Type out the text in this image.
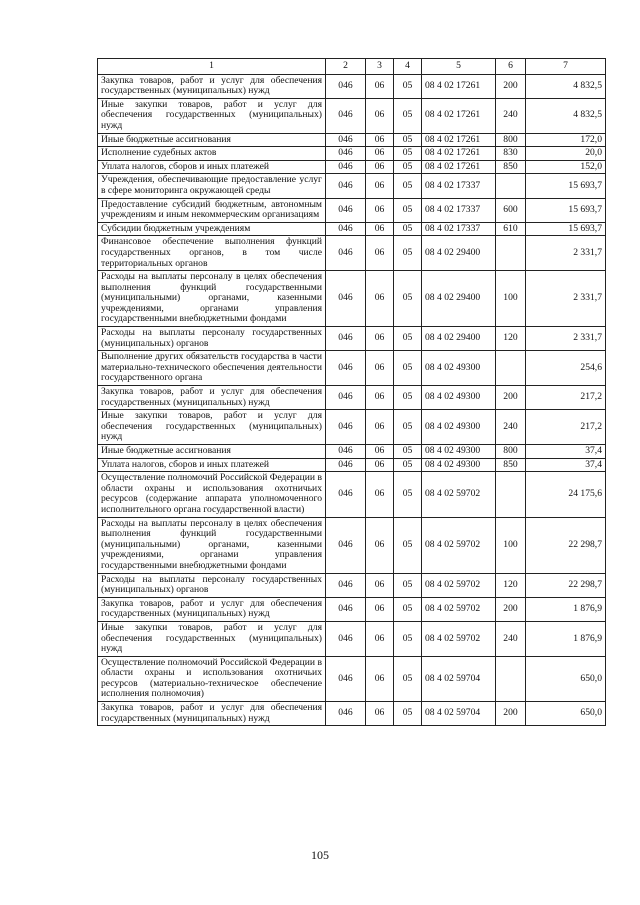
1	2	3	4	5	6	7
Закупка товаров, работ и услуг для обеспечения государственных (муниципальных) нужд	046	06	05	08 4 02 17261	200	4 832,5
Иные закупки товаров, работ и услуг для обеспечения государственных (муниципальных) нужд	046	06	05	08 4 02 17261	240	4 832,5
Иные бюджетные ассигнования	046	06	05	08 4 02 17261	800	172,0
Исполнение судебных актов	046	06	05	08 4 02 17261	830	20,0
Уплата налогов, сборов и иных платежей	046	06	05	08 4 02 17261	850	152,0
Учреждения, обеспечивающие предоставление услуг в сфере мониторинга окружающей среды	046	06	05	08 4 02 17337		15 693,7
Предоставление субсидий бюджетным, автономным учреждениям и иным некоммерческим организациям	046	06	05	08 4 02 17337	600	15 693,7
Субсидии бюджетным учреждениям	046	06	05	08 4 02 17337	610	15 693,7
Финансовое обеспечение выполнения функций государственных органов, в том числе территориальных органов	046	06	05	08 4 02 29400		2 331,7
Расходы на выплаты персоналу в целях обеспечения выполнения функций государственными (муниципальными) органами, казенными учреждениями, органами управления государственными внебюджетными фондами	046	06	05	08 4 02 29400	100	2 331,7
Расходы на выплаты персоналу государственных (муниципальных) органов	046	06	05	08 4 02 29400	120	2 331,7
Выполнение других обязательств государства в части материально-технического обеспечения деятельности государственного органа	046	06	05	08 4 02 49300		254,6
Закупка товаров, работ и услуг для обеспечения государственных (муниципальных) нужд	046	06	05	08 4 02 49300	200	217,2
Иные закупки товаров, работ и услуг для обеспечения государственных (муниципальных) нужд	046	06	05	08 4 02 49300	240	217,2
Иные бюджетные ассигнования	046	06	05	08 4 02 49300	800	37,4
Уплата налогов, сборов и иных платежей	046	06	05	08 4 02 49300	850	37,4
Осуществление полномочий Российской Федерации в области охраны и использования охотничьих ресурсов (содержание аппарата уполномоченного исполнительного органа государственной власти)	046	06	05	08 4 02 59702		24 175,6
Расходы на выплаты персоналу в целях обеспечения выполнения функций государственными (муниципальными) органами, казенными учреждениями, органами управления государственными внебюджетными фондами	046	06	05	08 4 02 59702	100	22 298,7
Расходы на выплаты персоналу государственных (муниципальных) органов	046	06	05	08 4 02 59702	120	22 298,7
Закупка товаров, работ и услуг для обеспечения государственных (муниципальных) нужд	046	06	05	08 4 02 59702	200	1 876,9
Иные закупки товаров, работ и услуг для обеспечения государственных (муниципальных) нужд	046	06	05	08 4 02 59702	240	1 876,9
Осуществление полномочий Российской Федерации в области охраны и использования охотничьих ресурсов (материально-техническое обеспечение исполнения полномочия)	046	06	05	08 4 02 59704		650,0
Закупка товаров, работ и услуг для обеспечения государственных (муниципальных) нужд	046	06	05	08 4 02 59704	200	650,0
105
